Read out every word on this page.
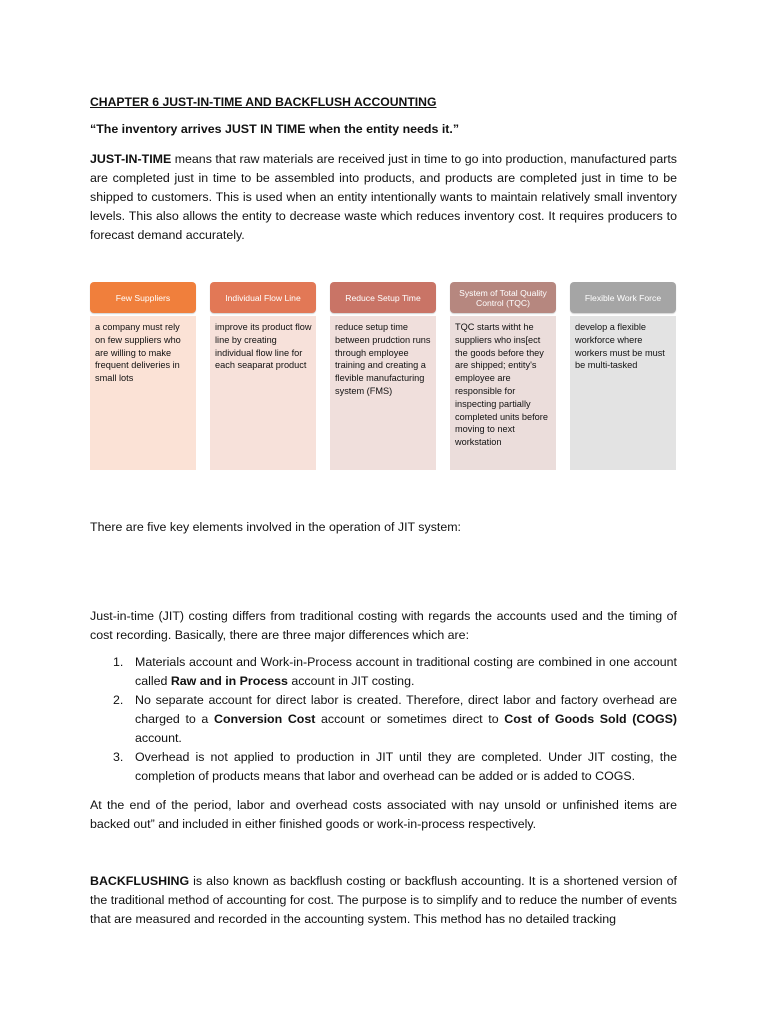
CHAPTER 6 JUST-IN-TIME AND BACKFLUSH ACCOUNTING

“The inventory arrives JUST IN TIME when the entity needs it.”

JUST-IN-TIME means that raw materials are received just in time to go into production, manufactured parts are completed just in time to be assembled into products, and products are completed just in time to be shipped to customers. This is used when an entity intentionally wants to maintain relatively small inventory levels. This also allows the entity to decrease waste which reduces inventory cost. It requires producers to forecast demand accurately.

Few Suppliers
a company must rely on few suppliers who are willing to make frequent deliveries in small lots
Individual Flow Line
improve its product flow line by creating individual flow line for each seaparat product
Reduce Setup Time
reduce setup time between prudction runs through employee training and creating a flevible manufacturing system (FMS)
System of Total Quality Control (TQC)
TQC starts witht he suppliers who ins[ect the goods before they are shipped; entity's employee are responsible for inspecting partially completed units before moving to next workstation
Flexible Work Force
develop a flexible workforce where workers must be must be multi-tasked

There are five key elements involved in the operation of JIT system:

Just-in-time (JIT) costing differs from traditional costing with regards the accounts used and the timing of cost recording. Basically, there are three major differences which are:

1. Materials account and Work-in-Process account in traditional costing are combined in one account called Raw and in Process account in JIT costing.
2. No separate account for direct labor is created. Therefore, direct labor and factory overhead are charged to a Conversion Cost account or sometimes direct to Cost of Goods Sold (COGS) account.
3. Overhead is not applied to production in JIT until they are completed. Under JIT costing, the completion of products means that labor and overhead can be added or is added to COGS.

At the end of the period, labor and overhead costs associated with nay unsold or unfinished items are backed out” and included in either finished goods or work-in-process respectively.

BACKFLUSHING is also known as backflush costing or backflush accounting. It is a shortened version of the traditional method of accounting for cost. The purpose is to simplify and to reduce the number of events that are measured and recorded in the accounting system. This method has no detailed tracking
